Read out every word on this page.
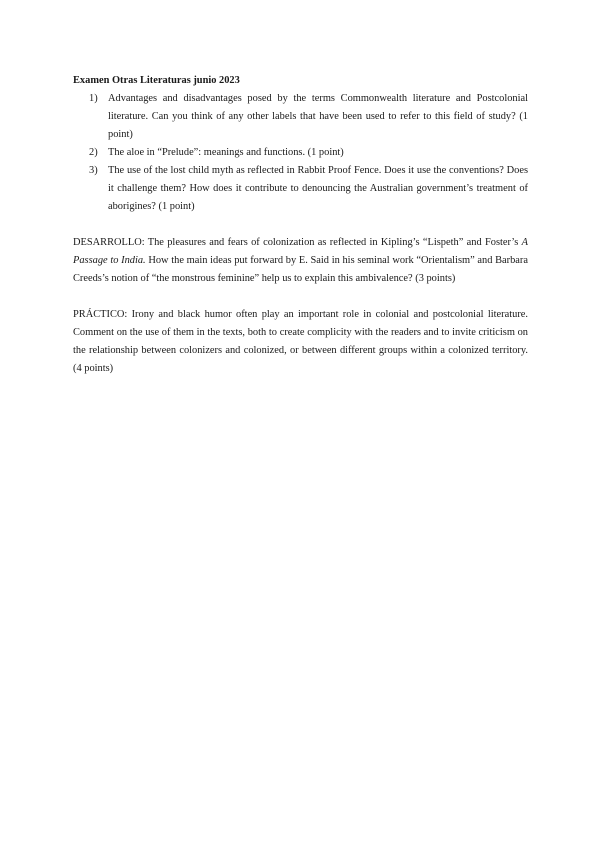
Examen Otras Literaturas junio 2023
1) Advantages and disadvantages posed by the terms Commonwealth literature and Postcolonial literature. Can you think of any other labels that have been used to refer to this field of study? (1 point)
2) The aloe in “Prelude”: meanings and functions. (1 point)
3) The use of the lost child myth as reflected in Rabbit Proof Fence. Does it use the conventions? Does it challenge them? How does it contribute to denouncing the Australian government’s treatment of aborigines? (1 point)

DESARROLLO: The pleasures and fears of colonization as reflected in Kipling’s “Lispeth” and Foster’s A Passage to India. How the main ideas put forward by E. Said in his seminal work “Orientalism” and Barbara Creeds’s notion of “the monstrous feminine” help us to explain this ambivalence? (3 points)

PRÁCTICO: Irony and black humor often play an important role in colonial and postcolonial literature. Comment on the use of them in the texts, both to create complicity with the readers and to invite criticism on the relationship between colonizers and colonized, or between different groups within a colonized territory. (4 points)
